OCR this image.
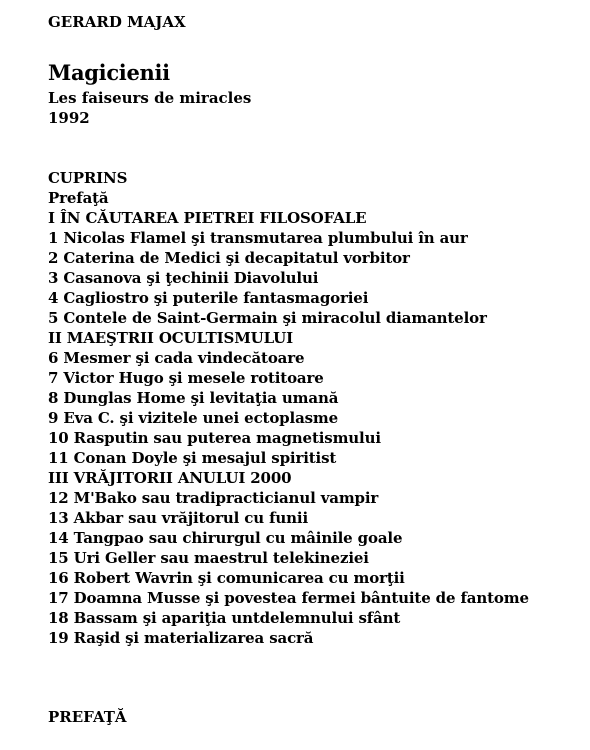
GERARD MAJAX
Magicienii
Les faiseurs de miracles
1992
CUPRINS
Prefaţă
I ÎN CĂUTAREA PIETREI FILOSOFALE
1 Nicolas Flamel şi transmutarea plumbului în aur
2 Caterina de Medici şi decapitatul vorbitor
3 Casanova şi ţechinii Diavolului
4 Cagliostro şi puterile fantasmagoriei
5 Contele de Saint-Germain şi miracolul diamantelor
II MAEŞTRII OCULTISMULUI
6 Mesmer şi cada vindecătoare
7 Victor Hugo şi mesele rotitoare
8 Dunglas Home şi levitaţia umană
9 Eva C. şi vizitele unei ectoplasme
10 Rasputin sau puterea magnetismului
11 Conan Doyle şi mesajul spiritist
III VRĂJITORII ANULUI 2000
12 M'Bako sau tradipracticianul vampir
13 Akbar sau vrăjitorul cu funii
14 Tangpao sau chirurgul cu mâinile goale
15 Uri Geller sau maestrul telekineziei
16 Robert Wavrin şi comunicarea cu morţii
17 Doamna Musse şi povestea fermei bântuite de fantome
18 Bassam şi apariţia untdelemnului sfânt
19 Raşid şi materializarea sacră
PREFAŢĂ
